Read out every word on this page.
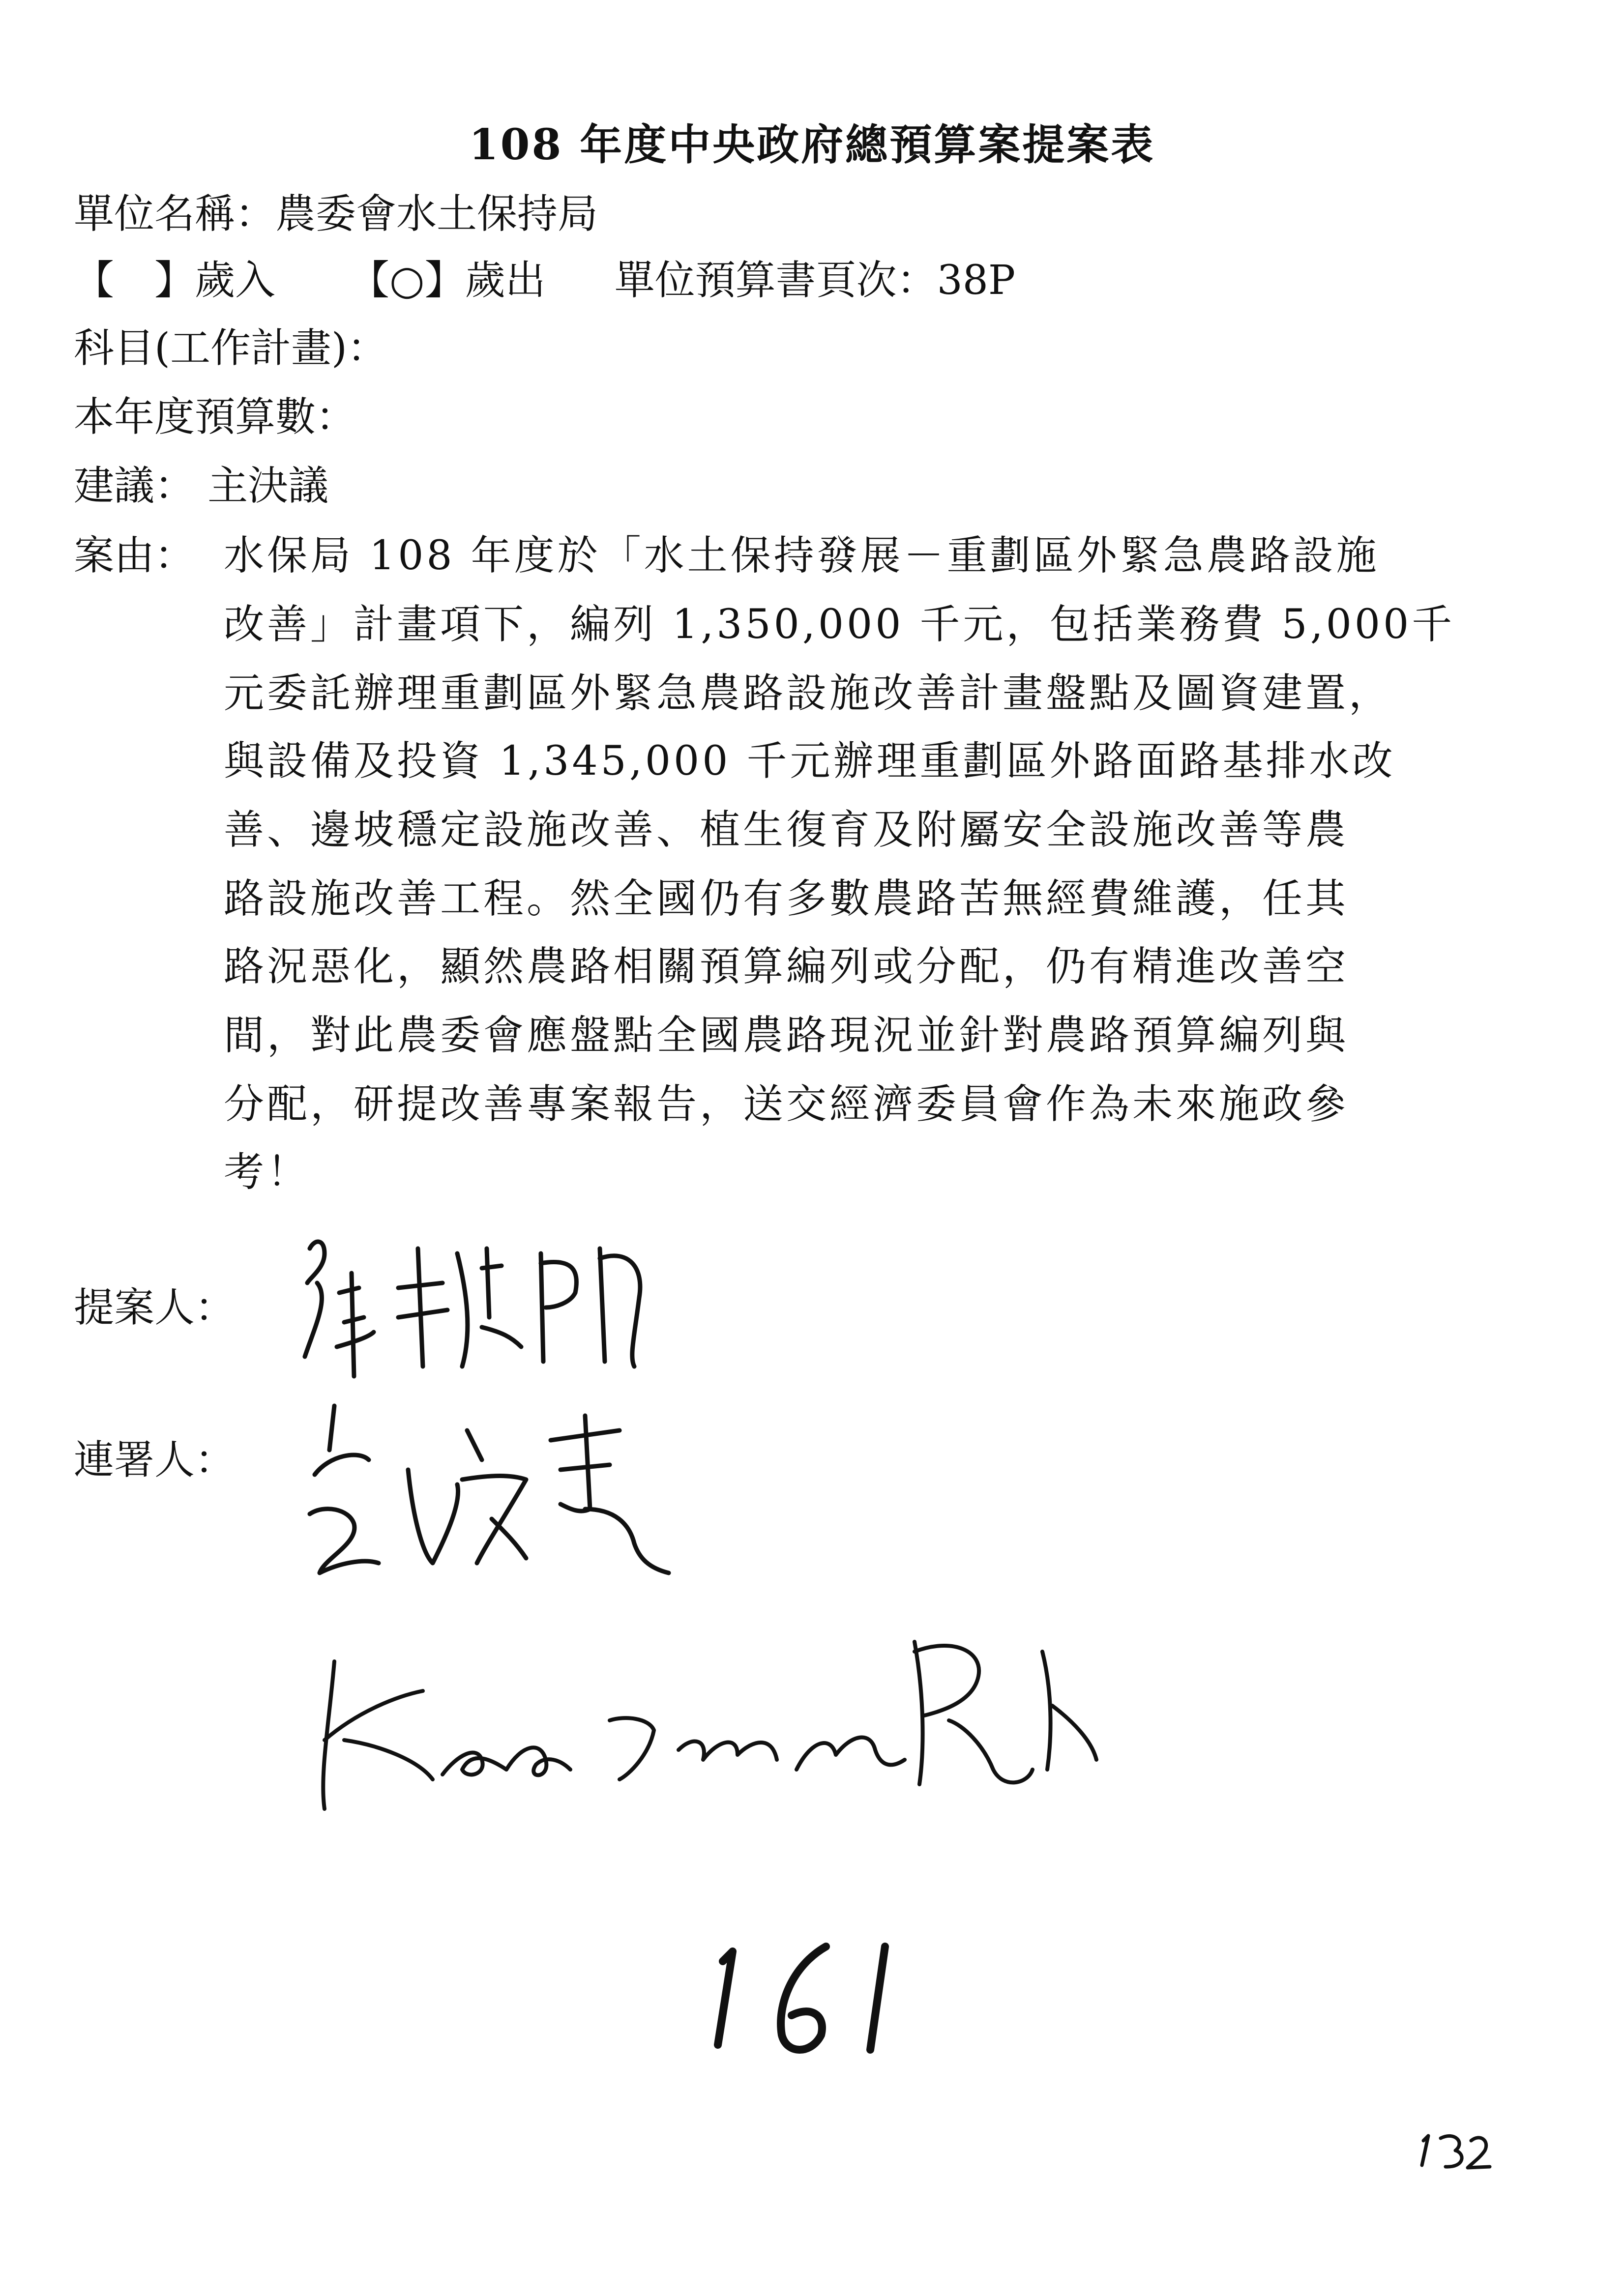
108 年度中央政府總預算案提案表
單位名稱：農委會水土保持局
【　】歲入 【○】歲出 單位預算書頁次：38P
科目(工作計畫)：
本年度預算數：
建議： 主決議
案由： 水保局 108 年度於「水土保持發展－重劃區外緊急農路設施
改善」計畫項下，編列 1,350,000 千元，包括業務費 5,000千
元委託辦理重劃區外緊急農路設施改善計畫盤點及圖資建置，
與設備及投資 1,345,000 千元辦理重劃區外路面路基排水改
善、邊坡穩定設施改善、植生復育及附屬安全設施改善等農
路設施改善工程。然全國仍有多數農路苦無經費維護，任其
路況惡化，顯然農路相關預算編列或分配，仍有精進改善空
間，對此農委會應盤點全國農路現況並針對農路預算編列與
分配，研提改善專案報告，送交經濟委員會作為未來施政參
考！
提案人：
連署人：
